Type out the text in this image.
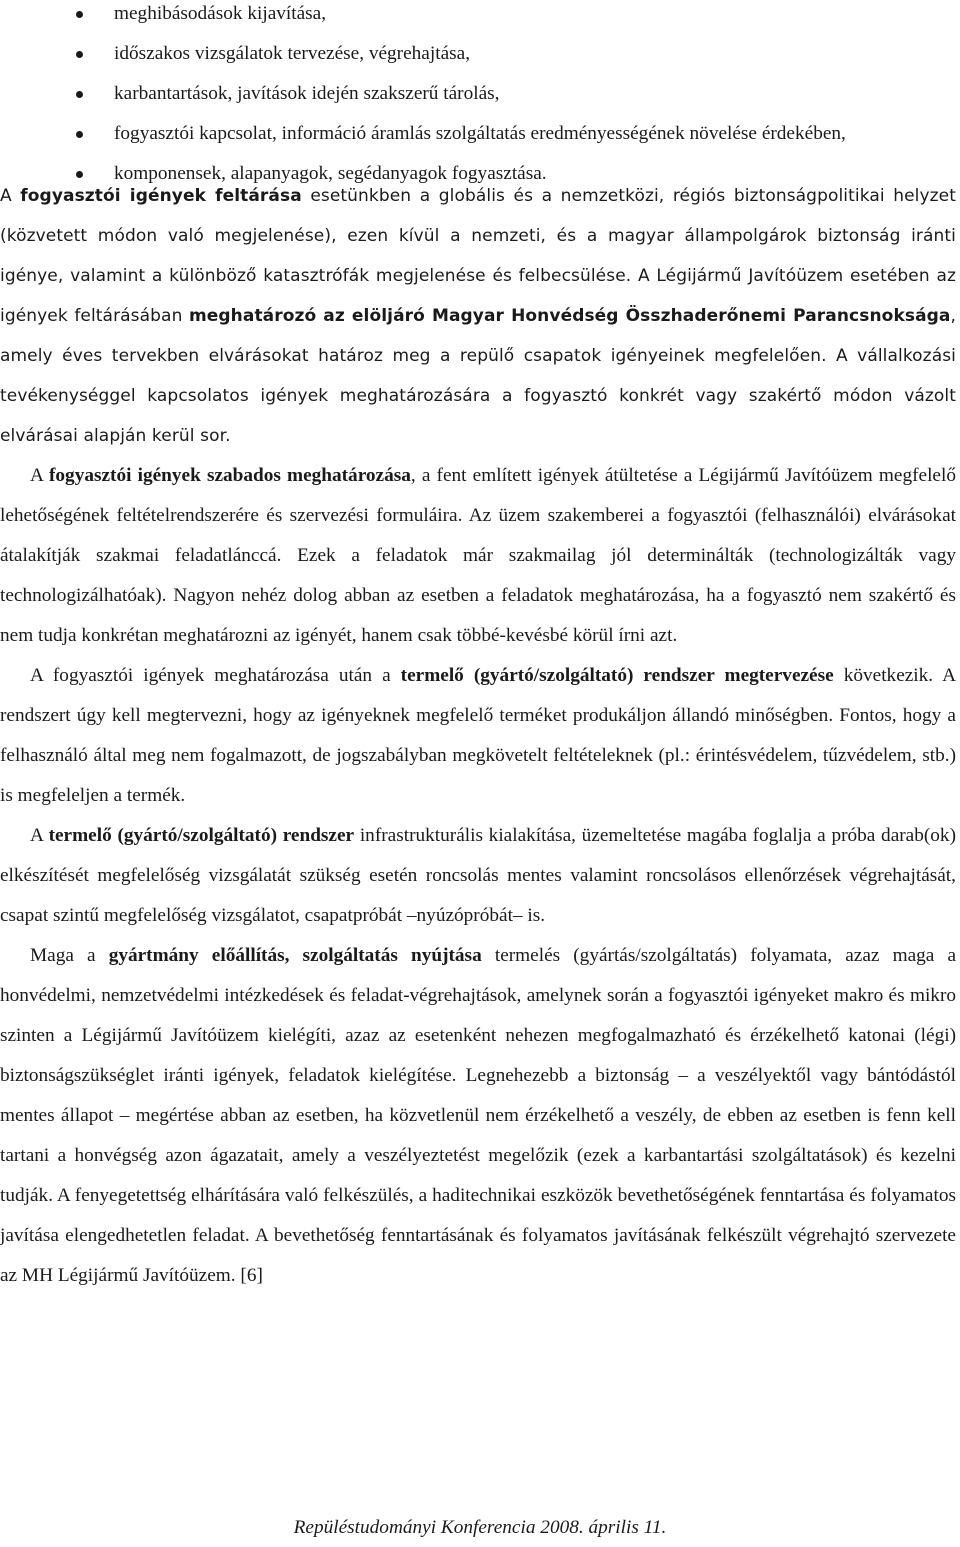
meghibásodások kijavítása,
időszakos vizsgálatok tervezése, végrehajtása,
karbantartások, javítások idején szakszerű tárolás,
fogyasztói kapcsolat, információ áramlás szolgáltatás eredményességének növelése érdekében,
komponensek, alapanyagok, segédanyagok fogyasztása.

A fogyasztói igények feltárása esetünkben a globális és a nemzetközi, régiós biztonságpolitikai helyzet (közvetett módon való megjelenése), ezen kívül a nemzeti, és a magyar állampolgárok biztonság iránti igénye, valamint a különböző katasztrófák megjelenése és felbecsülése. A Légijármű Javítóüzem esetében az igények feltárásában meghatározó az elöljáró Magyar Honvédség Összhaderőnemi Parancsnoksága, amely éves tervekben elvárásokat határoz meg a repülő csapatok igényeinek megfelelően. A vállalkozási tevékenységgel kapcsolatos igények meghatározására a fogyasztó konkrét vagy szakértő módon vázolt elvárásai alapján kerül sor.

A fogyasztói igények szabados meghatározása, a fent említett igények átültetése a Légijármű Javítóüzem megfelelő lehetőségének feltételrendszerére és szervezési formuláira. Az üzem szakemberei a fogyasztói (felhasználói) elvárásokat átalakítják szakmai feladatlánccá. Ezek a feladatok már szakmailag jól determinálták (technologizálták vagy technologizálhatóak). Nagyon nehéz dolog abban az esetben a feladatok meghatározása, ha a fogyasztó nem szakértő és nem tudja konkrétan meghatározni az igényét, hanem csak többé-kevésbé körül írni azt.

A fogyasztói igények meghatározása után a termelő (gyártó/szolgáltató) rendszer megtervezése következik. A rendszert úgy kell megtervezni, hogy az igényeknek megfelelő terméket produkáljon állandó minőségben. Fontos, hogy a felhasználó által meg nem fogalmazott, de jogszabályban megkövetelt feltételeknek (pl.: érintésvédelem, tűzvédelem, stb.) is megfeleljen a termék.

A termelő (gyártó/szolgáltató) rendszer infrastrukturális kialakítása, üzemeltetése magába foglalja a próba darab(ok) elkészítését megfelelőség vizsgálatát szükség esetén roncsolás mentes valamint roncsolásos ellenőrzések végrehajtását, csapat szintű megfelelőség vizsgálatot, csapatpróbát –nyúzópróbát– is.

Maga a gyártmány előállítás, szolgáltatás nyújtása termelés (gyártás/szolgáltatás) folyamata, azaz maga a honvédelmi, nemzetvédelmi intézkedések és feladat-végrehajtások, amelynek során a fogyasztói igényeket makro és mikro szinten a Légijármű Javítóüzem kielégíti, azaz az esetenként nehezen megfogalmazható és érzékelhető katonai (légi) biztonságszükséglet iránti igények, feladatok kielégítése. Legnehezebb a biztonság – a veszélyektől vagy bántódástól mentes állapot – megértése abban az esetben, ha közvetlenül nem érzékelhető a veszély, de ebben az esetben is fenn kell tartani a honvégség azon ágazatait, amely a veszélyeztetést megelőzik (ezek a karbantartási szolgáltatások) és kezelni tudják. A fenyegetettség elhárítására való felkészülés, a haditechnikai eszközök bevethetőségének fenntartása és folyamatos javítása elengedhetetlen feladat. A bevethetőség fenntartásának és folyamatos javításának felkészült végrehajtó szervezete az MH Légijármű Javítóüzem. [6]

Repüléstudományi Konferencia 2008. április 11.
